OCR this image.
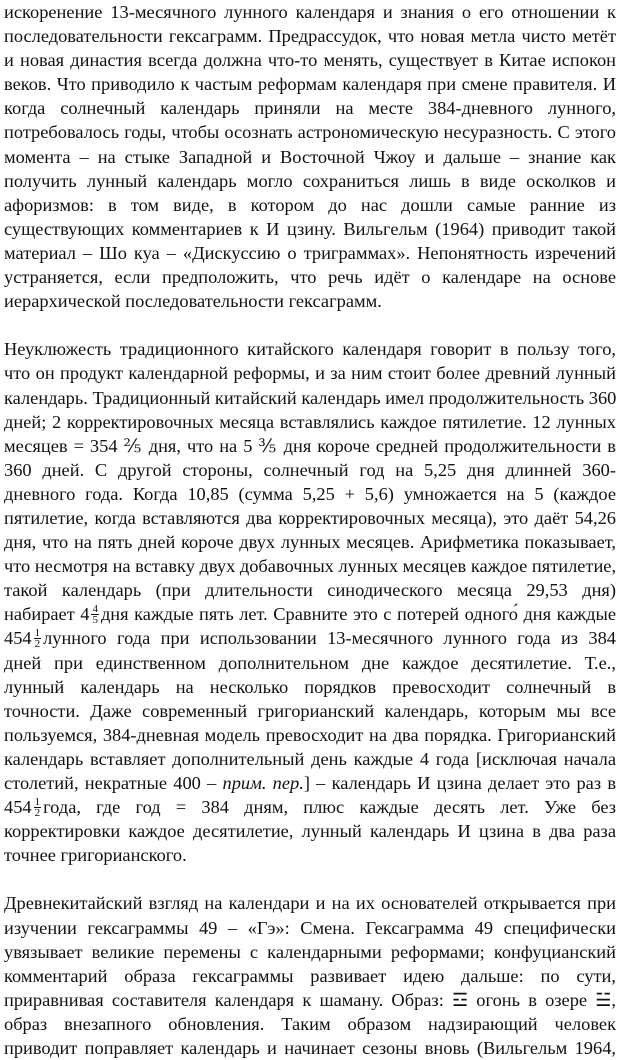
искоренение 13-месячного лунного календаря и знания о его отношении к
последовательности гексаграмм. Предрассудок, что новая метла чисто метёт
и новая династия всегда должна что-то менять, существует в Китае испокон
веков. Что приводило к частым реформам календаря при смене правителя. И
когда солнечный календарь приняли на месте 384-дневного лунного,
потребовалось годы, чтобы осознать астрономическую несуразность. С этого
момента – на стыке Западной и Восточной Чжоу и дальше – знание как
получить лунный календарь могло сохраниться лишь в виде осколков и
афоризмов: в том виде, в котором до нас дошли самые ранние из
существующих комментариев к И цзину. Вильгельм (1964) приводит такой
материал – Шо куа – «Дискуссию о триграммах». Непонятность изречений
устраняется, если предположить, что речь идёт о календаре на основе
иерархической последовательности гексаграмм.
Неуклюжесть традиционного китайского календаря говорит в пользу того,
что он продукт календарной реформы, и за ним стоит более древний лунный
календарь. Традиционный китайский календарь имел продолжительность 360
дней; 2 корректировочных месяца вставлялись каждое пятилетие. 12 лунных
месяцев = 354 ⅖ дня, что на 5 ⅗ дня короче средней продолжительности в
360 дней. С другой стороны, солнечный год на 5,25 дня длинней 360-
дневного года. Когда 10,85 (сумма 5,25 + 5,6) умножается на 5 (каждое
пятилетие, когда вставляются два корректировочных месяца), это даёт 54,26
дня, что на пять дней короче двух лунных месяцев. Арифметика показывает,
что несмотря на вставку двух добавочных лунных месяцев каждое пятилетие,
такой календарь (при длительности синодического месяца 29,53 дня)
набирает $4 \frac{4}{5}$ дня каждые пять лет. Сравните это с потерей одного́ дня каждые
$454 \frac{1}{2}$ лунного года при использовании 13-месячного лунного года из 384
дней при единственном дополнительном дне каждое десятилетие. Т.е.,
лунный календарь на несколько порядков превосходит солнечный в
точности. Даже современный григорианский календарь, которым мы все
пользуемся, 384-дневная модель превосходит на два порядка. Григорианский
календарь вставляет дополнительный день каждые 4 года [исключая начала
столетий, некратные 400 – прим. пер.] – календарь И цзина делает это раз в
$454 \frac{1}{2}$ года, где год = 384 дням, плюс каждые десять лет. Уже без
корректировки каждое десятилетие, лунный календарь И цзина в два раза
точнее григорианского.
Древнекитайский взгляд на календари и на их основателей открывается при
изучении гексаграммы 49 – «Гэ»: Смена. Гексаграмма 49 специфически
увязывает великие перемены с календарными реформами; конфуцианский
комментарий образа гексаграммы развивает идею дальше: по сути,
приравнивая составителя календаря к шаману. Образ: ☲ огонь в озере ☱,
образ внезапного обновления. Таким образом надзирающий человек
приводит поправляет календарь и начинает сезоны вновь (Вильгельм 1964,
